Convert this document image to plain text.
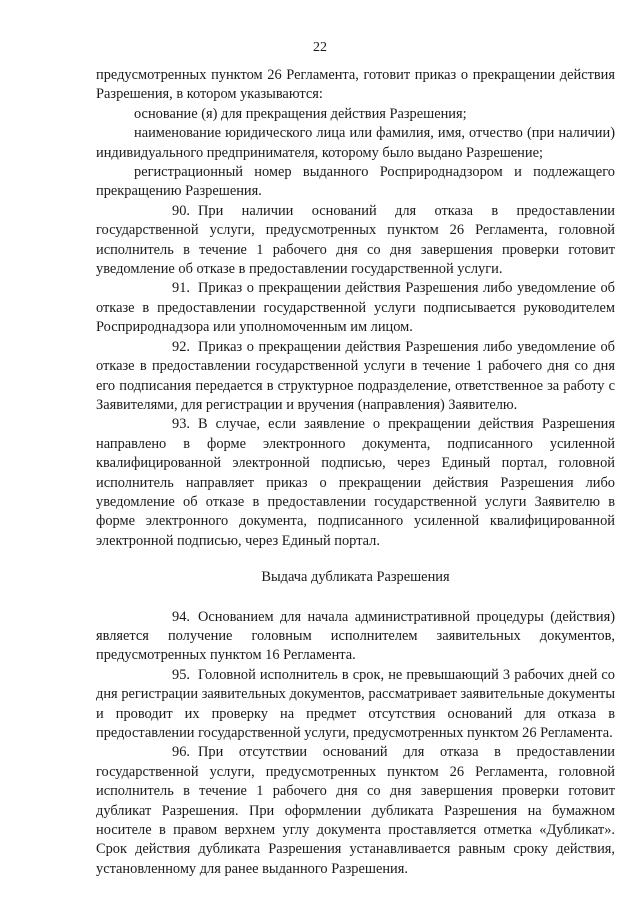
22

предусмотренных пунктом 26 Регламента, готовит приказ о прекращении действия Разрешения, в котором указываются:

основание (я) для прекращения действия Разрешения;

наименование юридического лица или фамилия, имя, отчество (при наличии) индивидуального предпринимателя, которому было выдано Разрешение;

регистрационный номер выданного Росприроднадзором и подлежащего прекращению Разрешения.

90. При наличии оснований для отказа в предоставлении государственной услуги, предусмотренных пунктом 26 Регламента, головной исполнитель в течение 1 рабочего дня со дня завершения проверки готовит уведомление об отказе в предоставлении государственной услуги.

91. Приказ о прекращении действия Разрешения либо уведомление об отказе в предоставлении государственной услуги подписывается руководителем Росприроднадзора или уполномоченным им лицом.

92. Приказ о прекращении действия Разрешения либо уведомление об отказе в предоставлении государственной услуги в течение 1 рабочего дня со дня его подписания передается в структурное подразделение, ответственное за работу с Заявителями, для регистрации и вручения (направления) Заявителю.

93. В случае, если заявление о прекращении действия Разрешения направлено в форме электронного документа, подписанного усиленной квалифицированной электронной подписью, через Единый портал, головной исполнитель направляет приказ о прекращении действия Разрешения либо уведомление об отказе в предоставлении государственной услуги Заявителю в форме электронного документа, подписанного усиленной квалифицированной электронной подписью, через Единый портал.

Выдача дубликата Разрешения

94. Основанием для начала административной процедуры (действия) является получение головным исполнителем заявительных документов, предусмотренных пунктом 16 Регламента.

95. Головной исполнитель в срок, не превышающий 3 рабочих дней со дня регистрации заявительных документов, рассматривает заявительные документы и проводит их проверку на предмет отсутствия оснований для отказа в предоставлении государственной услуги, предусмотренных пунктом 26 Регламента.

96. При отсутствии оснований для отказа в предоставлении государственной услуги, предусмотренных пунктом 26 Регламента, головной исполнитель в течение 1 рабочего дня со дня завершения проверки готовит дубликат Разрешения. При оформлении дубликата Разрешения на бумажном носителе в правом верхнем углу документа проставляется отметка «Дубликат». Срок действия дубликата Разрешения устанавливается равным сроку действия, установленному для ранее выданного Разрешения.
